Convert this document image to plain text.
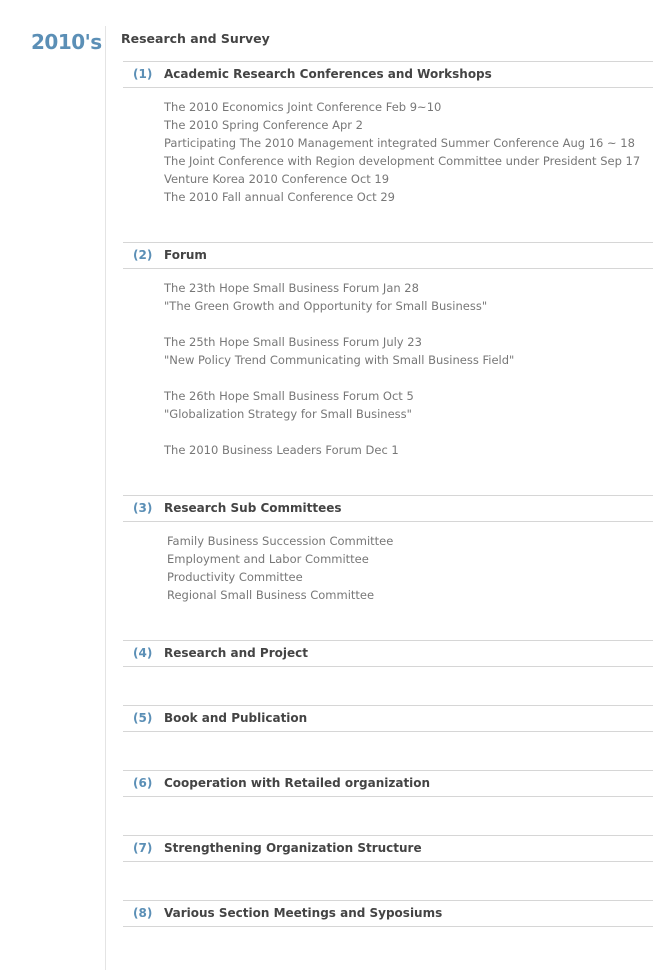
2010's Research and Survey
(1) Academic Research Conferences and Workshops
The 2010 Economics Joint Conference Feb 9~10
The 2010 Spring Conference Apr 2
Participating The 2010 Management integrated Summer Conference Aug 16 ~ 18
The Joint Conference with Region development Committee under President Sep 17
Venture Korea 2010 Conference Oct 19
The 2010 Fall annual Conference Oct 29
(2) Forum
The 23th Hope Small Business Forum Jan 28
"The Green Growth and Opportunity for Small Business"
The 25th Hope Small Business Forum July 23
"New Policy Trend Communicating with Small Business Field"
The 26th Hope Small Business Forum Oct 5
"Globalization Strategy for Small Business"
The 2010 Business Leaders Forum Dec 1
(3) Research Sub Committees
Family Business Succession Committee
Employment and Labor Committee
Productivity Committee
Regional Small Business Committee
(4) Research and Project
(5) Book and Publication
(6) Cooperation with Retailed organization
(7) Strengthening Organization Structure
(8) Various Section Meetings and Syposiums
